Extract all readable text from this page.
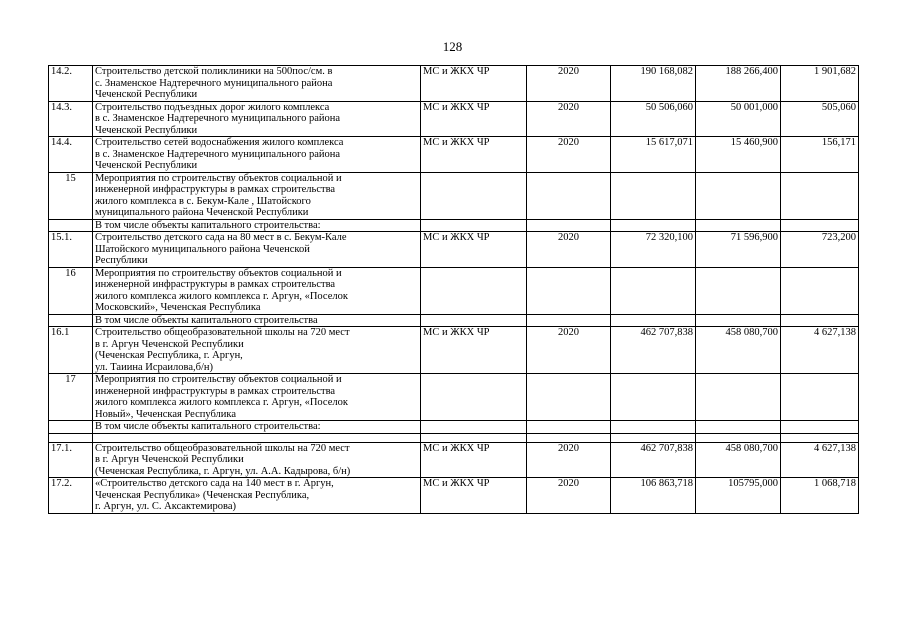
128
14.2.	Строительство детской поликлиники на 500пос/см. в
с. Знаменское Надтеречного муниципального района
Чеченской Республики	МС и ЖКХ ЧР	2020	190 168,082	188 266,400	1 901,682
14.3.	Строительство подъездных дорог жилого комплекса
в с. Знаменское Надтеречного муниципального района
Чеченской Республики	МС и ЖКХ ЧР	2020	50 506,060	50 001,000	505,060
14.4.	Строительство сетей водоснабжения жилого комплекса
в с. Знаменское Надтеречного муниципального района
Чеченской Республики	МС и ЖКХ ЧР	2020	15 617,071	15 460,900	156,171
15	Мероприятия по строительству объектов социальной и
инженерной инфраструктуры в рамках строительства
жилого комплекса в с. Бекум-Кале , Шатойского
муниципального района Чеченской Республики					

	В том числе объекты капитального строительства:					

15.1.	Строительство детского сада на 80 мест в с. Бекум-Кале
Шатойского муниципального района Чеченской
Республики	МС и ЖКХ ЧР	2020	72 320,100	71 596,900	723,200
16	Мероприятия по строительству объектов социальной и
инженерной инфраструктуры в рамках строительства
жилого комплекса жилого комплекса г. Аргун, «Поселок
Московский», Чеченская Республика					

	В том числе объекты капитального строительства					

16.1	Строительство общеобразовательной школы на 720 мест
в г. Аргун Чеченской Республики
(Чеченская Республика, г. Аргун,
ул. Таиина Исраилова,б/н)	МС и ЖКХ ЧР	2020	462 707,838	458 080,700	4 627,138
17	Мероприятия по строительству объектов социальной и
инженерной инфраструктуры в рамках строительства
жилого комплекса жилого комплекса г. Аргун, «Поселок
Новый», Чеченская Республика					

	В том числе объекты капитального строительства:					

17.1.	Строительство общеобразовательной школы на 720 мест
в г. Аргун Чеченской Республики
(Чеченская Республика, г. Аргун, ул. А.А. Кадырова, б/н)	МС и ЖКХ ЧР	2020	462 707,838	458 080,700	4 627,138
17.2.	«Строительство детского сада на 140 мест в г. Аргун,
Чеченская Республика» (Чеченская Республика,
г. Аргун, ул. С. Аксактемирова)	МС и ЖКХ ЧР	2020	106 863,718	105795,000	1 068,718
